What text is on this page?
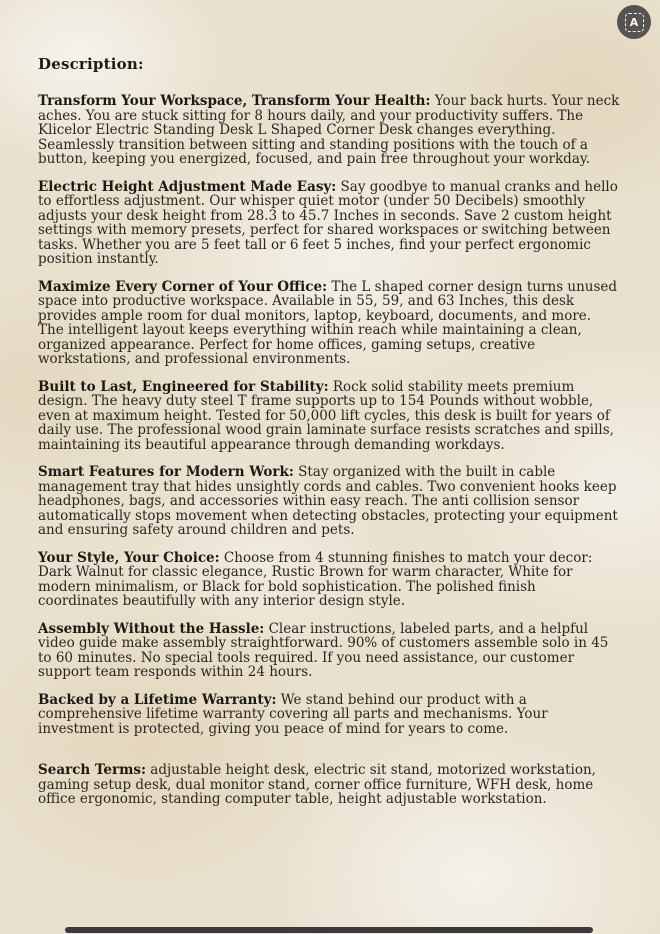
A
Description:

Transform Your Workspace, Transform Your Health: Your back hurts. Your neck aches. You are stuck sitting for 8 hours daily, and your productivity suffers. The Klicelor Electric Standing Desk L Shaped Corner Desk changes everything. Seamlessly transition between sitting and standing positions with the touch of a button, keeping you energized, focused, and pain free throughout your workday.

Electric Height Adjustment Made Easy: Say goodbye to manual cranks and hello to effortless adjustment. Our whisper quiet motor (under 50 Decibels) smoothly adjusts your desk height from 28.3 to 45.7 Inches in seconds. Save 2 custom height settings with memory presets, perfect for shared workspaces or switching between tasks. Whether you are 5 feet tall or 6 feet 5 inches, find your perfect ergonomic position instantly.

Maximize Every Corner of Your Office: The L shaped corner design turns unused space into productive workspace. Available in 55, 59, and 63 Inches, this desk provides ample room for dual monitors, laptop, keyboard, documents, and more. The intelligent layout keeps everything within reach while maintaining a clean, organized appearance. Perfect for home offices, gaming setups, creative workstations, and professional environments.

Built to Last, Engineered for Stability: Rock solid stability meets premium design. The heavy duty steel T frame supports up to 154 Pounds without wobble, even at maximum height. Tested for 50,000 lift cycles, this desk is built for years of daily use. The professional wood grain laminate surface resists scratches and spills, maintaining its beautiful appearance through demanding workdays.

Smart Features for Modern Work: Stay organized with the built in cable management tray that hides unsightly cords and cables. Two convenient hooks keep headphones, bags, and accessories within easy reach. The anti collision sensor automatically stops movement when detecting obstacles, protecting your equipment and ensuring safety around children and pets.

Your Style, Your Choice: Choose from 4 stunning finishes to match your decor: Dark Walnut for classic elegance, Rustic Brown for warm character, White for modern minimalism, or Black for bold sophistication. The polished finish coordinates beautifully with any interior design style.

Assembly Without the Hassle: Clear instructions, labeled parts, and a helpful video guide make assembly straightforward. 90% of customers assemble solo in 45 to 60 minutes. No special tools required. If you need assistance, our customer support team responds within 24 hours.

Backed by a Lifetime Warranty: We stand behind our product with a comprehensive lifetime warranty covering all parts and mechanisms. Your investment is protected, giving you peace of mind for years to come.

Search Terms: adjustable height desk, electric sit stand, motorized workstation, gaming setup desk, dual monitor stand, corner office furniture, WFH desk, home office ergonomic, standing computer table, height adjustable workstation.
